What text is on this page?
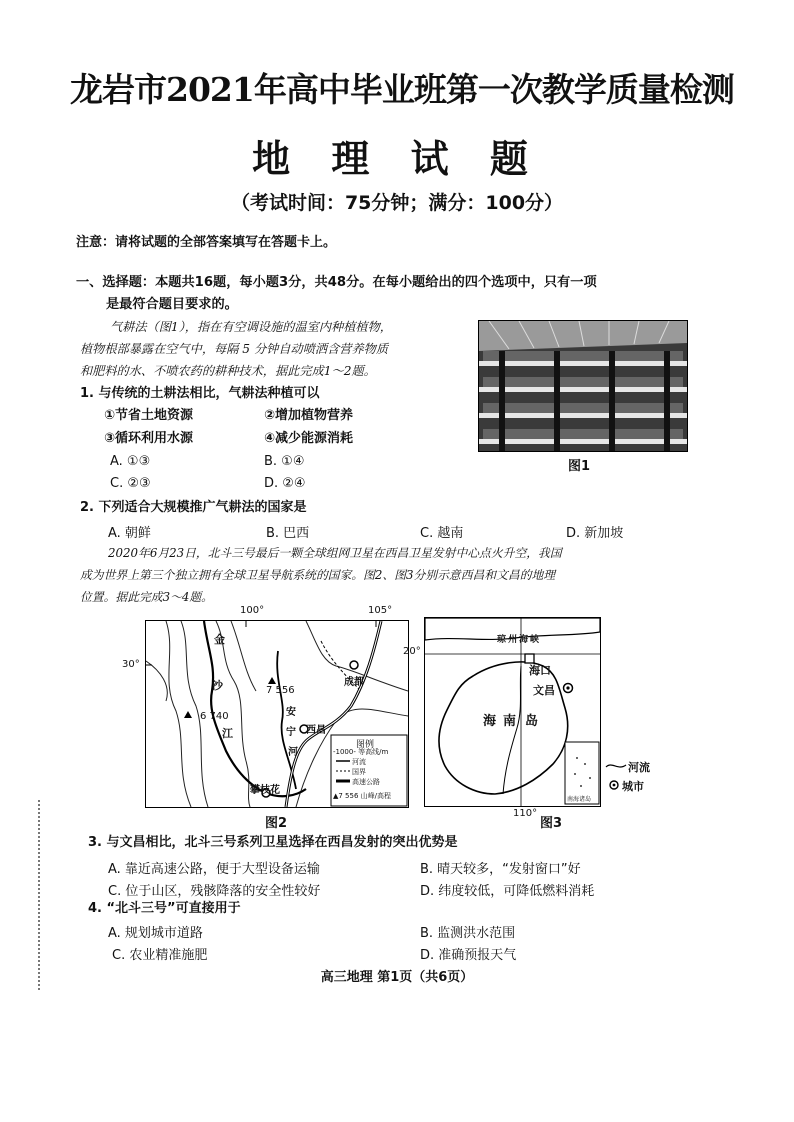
龙岩市2021年高中毕业班第一次教学质量检测
地 理 试 题
（考试时间：75分钟；满分：100分）
注意：请将试题的全部答案填写在答题卡上。
一、选择题：本题共16题，每小题3分，共48分。在每小题给出的四个选项中，只有一项
是最符合题目要求的。
气耕法（图1），指在有空调设施的温室内种植植物，
植物根部暴露在空气中，每隔 5 分钟自动喷洒含营养物质
和肥料的水、不喷农药的耕种技术，据此完成1～2题。
图1
1. 与传统的土耕法相比，气耕法种植可以
①节省土地资源	②增加植物营养
③循环利用水源	④减少能源消耗
A. ①③	B. ①④
C. ②③	D. ②④
2. 下列适合大规模推广气耕法的国家是
A. 朝鲜	B. 巴西	C. 越南	D. 新加坡
2020年6月23日，北斗三号最后一颗全球组网卫星在西昌卫星发射中心点火升空，我国
成为世界上第三个独立拥有全球卫星导航系统的国家。图2、图3分别示意西昌和文昌的地理
位置。据此完成3～4题。
100°	105°
30°
金
沙
江
安
宁
河
7 556
6 740
成都
西昌
攀枝花
图例
-1000- 等高线/m
河流
国界
高速公路
▲7 556 山峰/高程
图2
20°
110°
琼州海峡
海口
文昌
海 南 岛
南海诸岛
河流
城市
图3
3. 与文昌相比，北斗三号系列卫星选择在西昌发射的突出优势是
A. 靠近高速公路，便于大型设备运输	B. 晴天较多，“发射窗口”好
C. 位于山区，残骸降落的安全性较好	D. 纬度较低，可降低燃料消耗
4. “北斗三号”可直接用于
A. 规划城市道路	B. 监测洪水范围
C. 农业精准施肥	D. 准确预报天气
高三地理 第1页（共6页）
